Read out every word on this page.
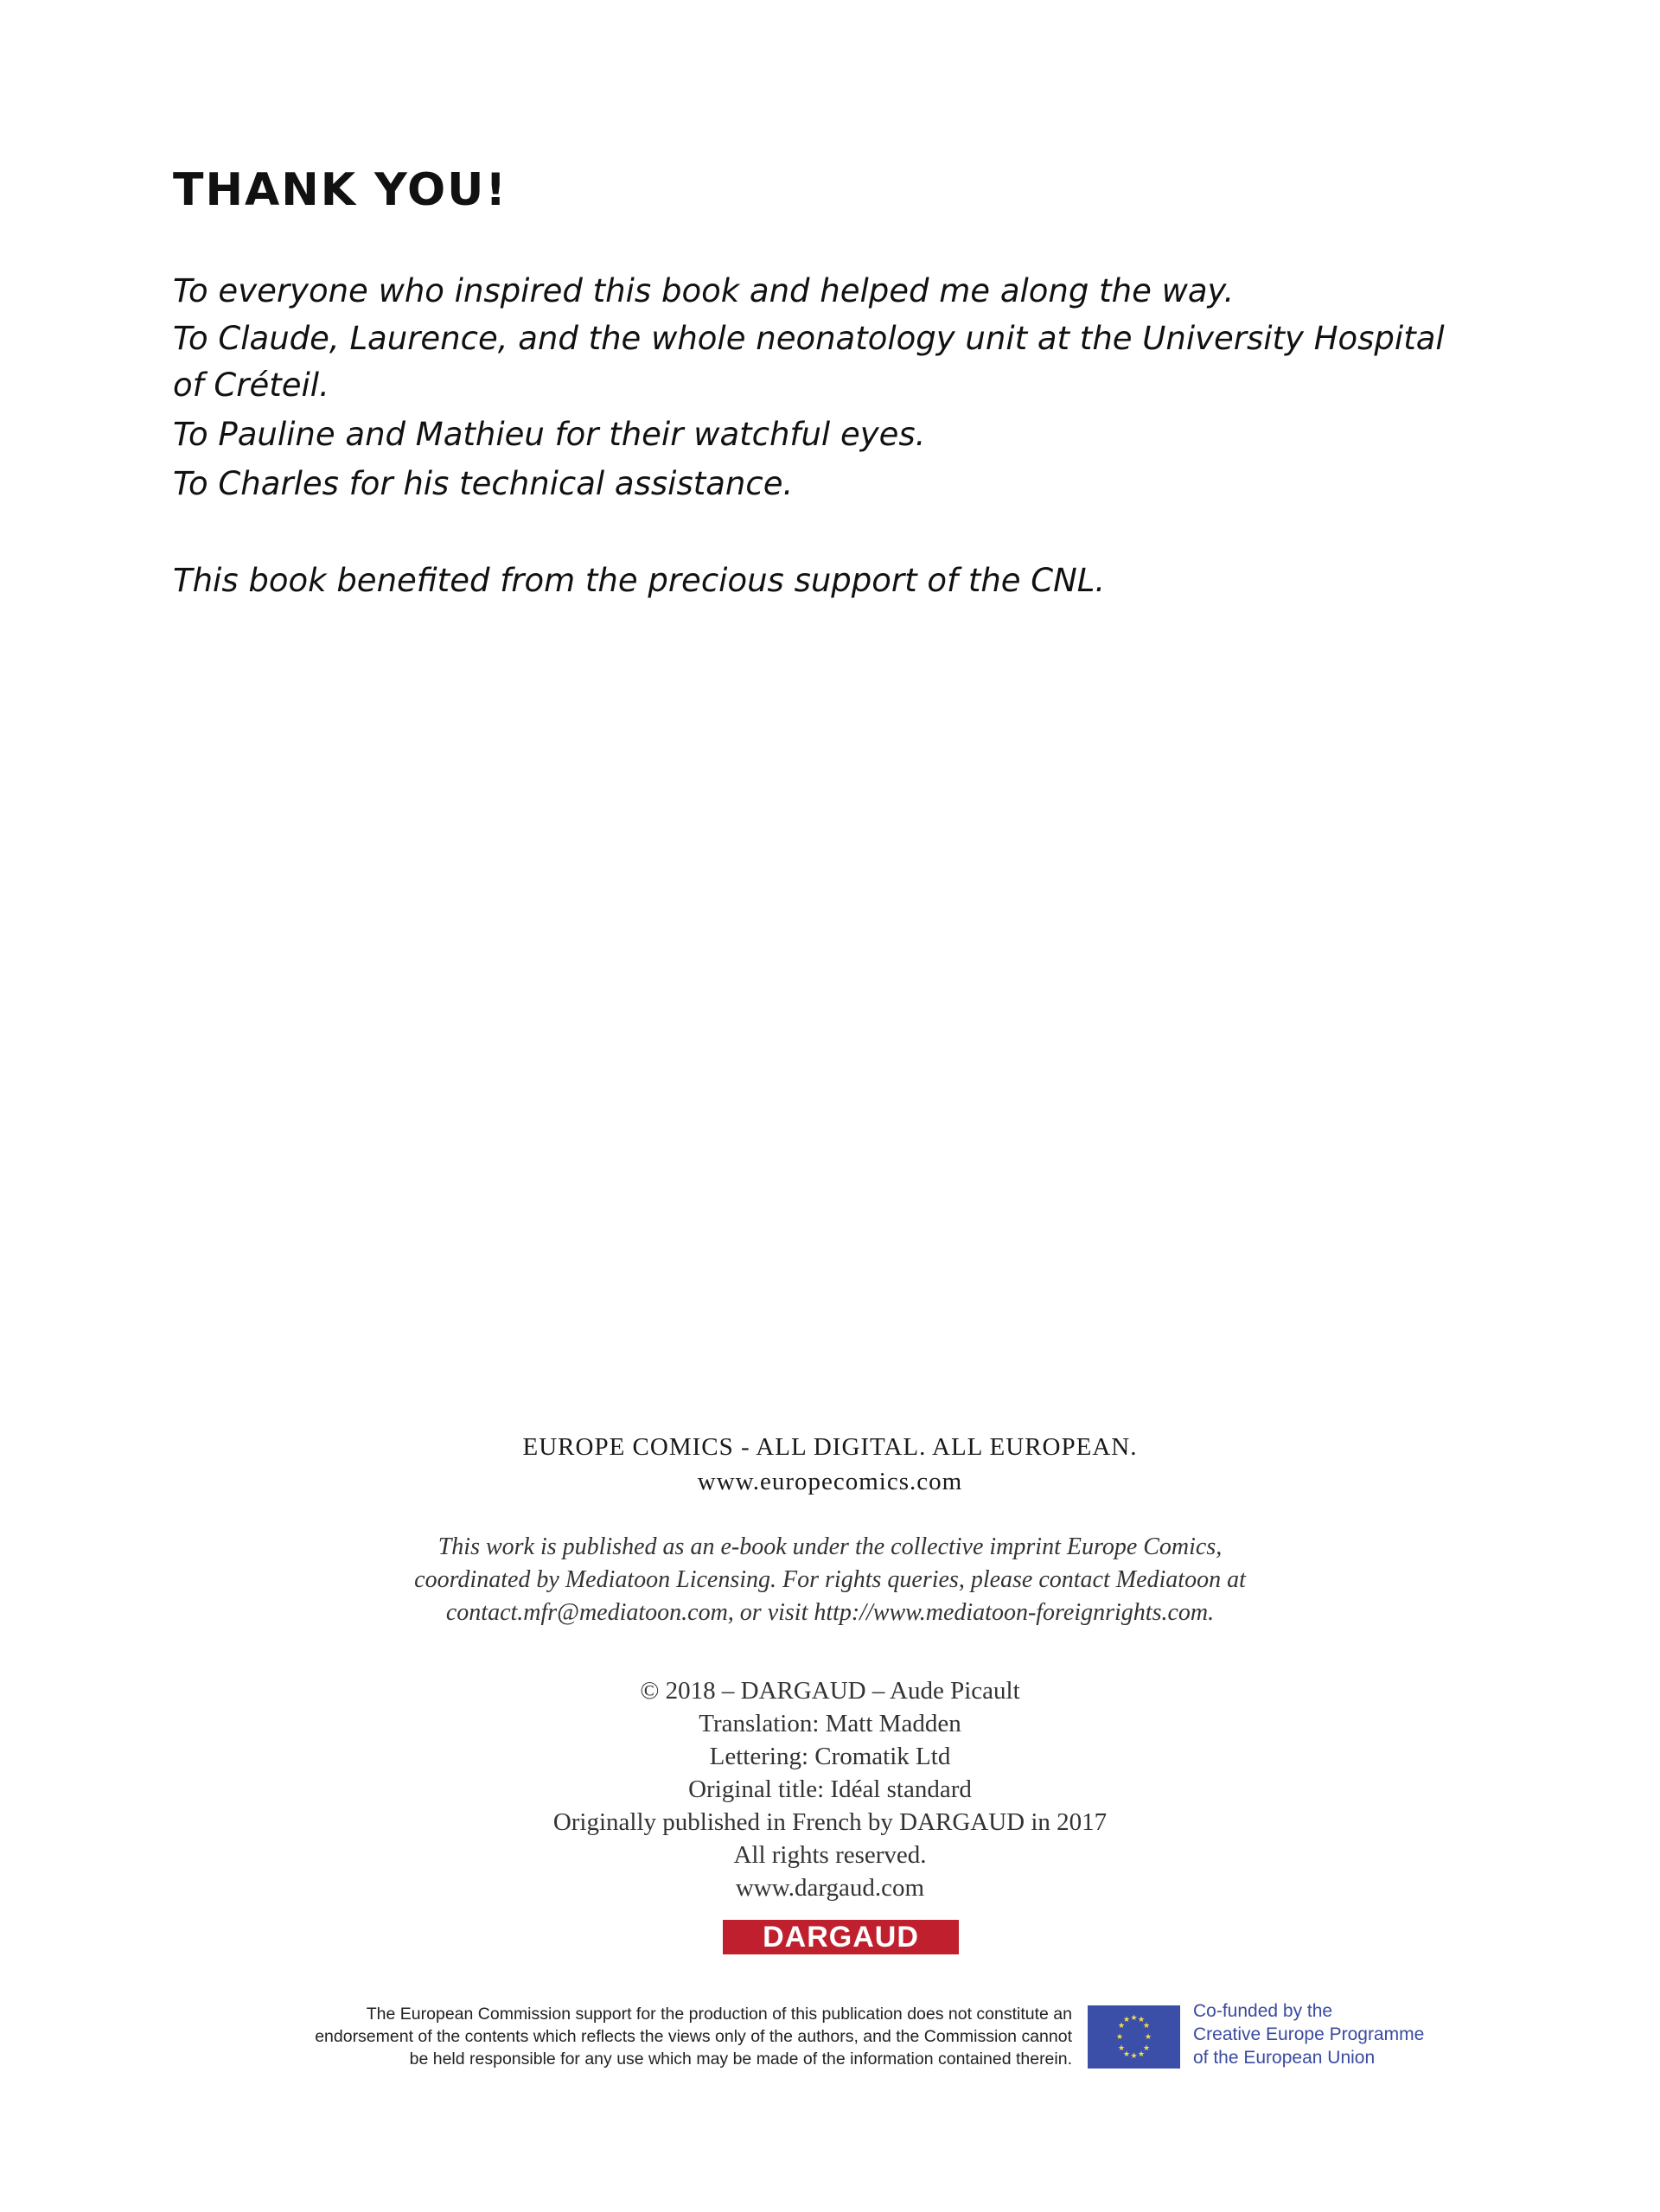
THANK YOU!
To everyone who inspired this book and helped me along the way.
To Claude, Laurence, and the whole neonatology unit at the University Hospital
of Créteil.
To Pauline and Mathieu for their watchful eyes.
To Charles for his technical assistance.
This book benefited from the precious support of the CNL.
EUROPE COMICS - ALL DIGITAL. ALL EUROPEAN.
www.europecomics.com
This work is published as an e-book under the collective imprint Europe Comics,
coordinated by Mediatoon Licensing. For rights queries, please contact Mediatoon at
contact.mfr@mediatoon.com, or visit http://www.mediatoon-foreignrights.com.
© 2018 – DARGAUD – Aude Picault
Translation: Matt Madden
Lettering: Cromatik Ltd
Original title: Idéal standard
Originally published in French by DARGAUD in 2017
All rights reserved.
www.dargaud.com
DARGAUD
The European Commission support for the production of this publication does not constitute an
endorsement of the contents which reflects the views only of the authors, and the Commission cannot
be held responsible for any use which may be made of the information contained therein.
★ ★
★
★
★
★
★
★
★
★
★
★	Co-funded by the
Creative Europe Programme
of the European Union
